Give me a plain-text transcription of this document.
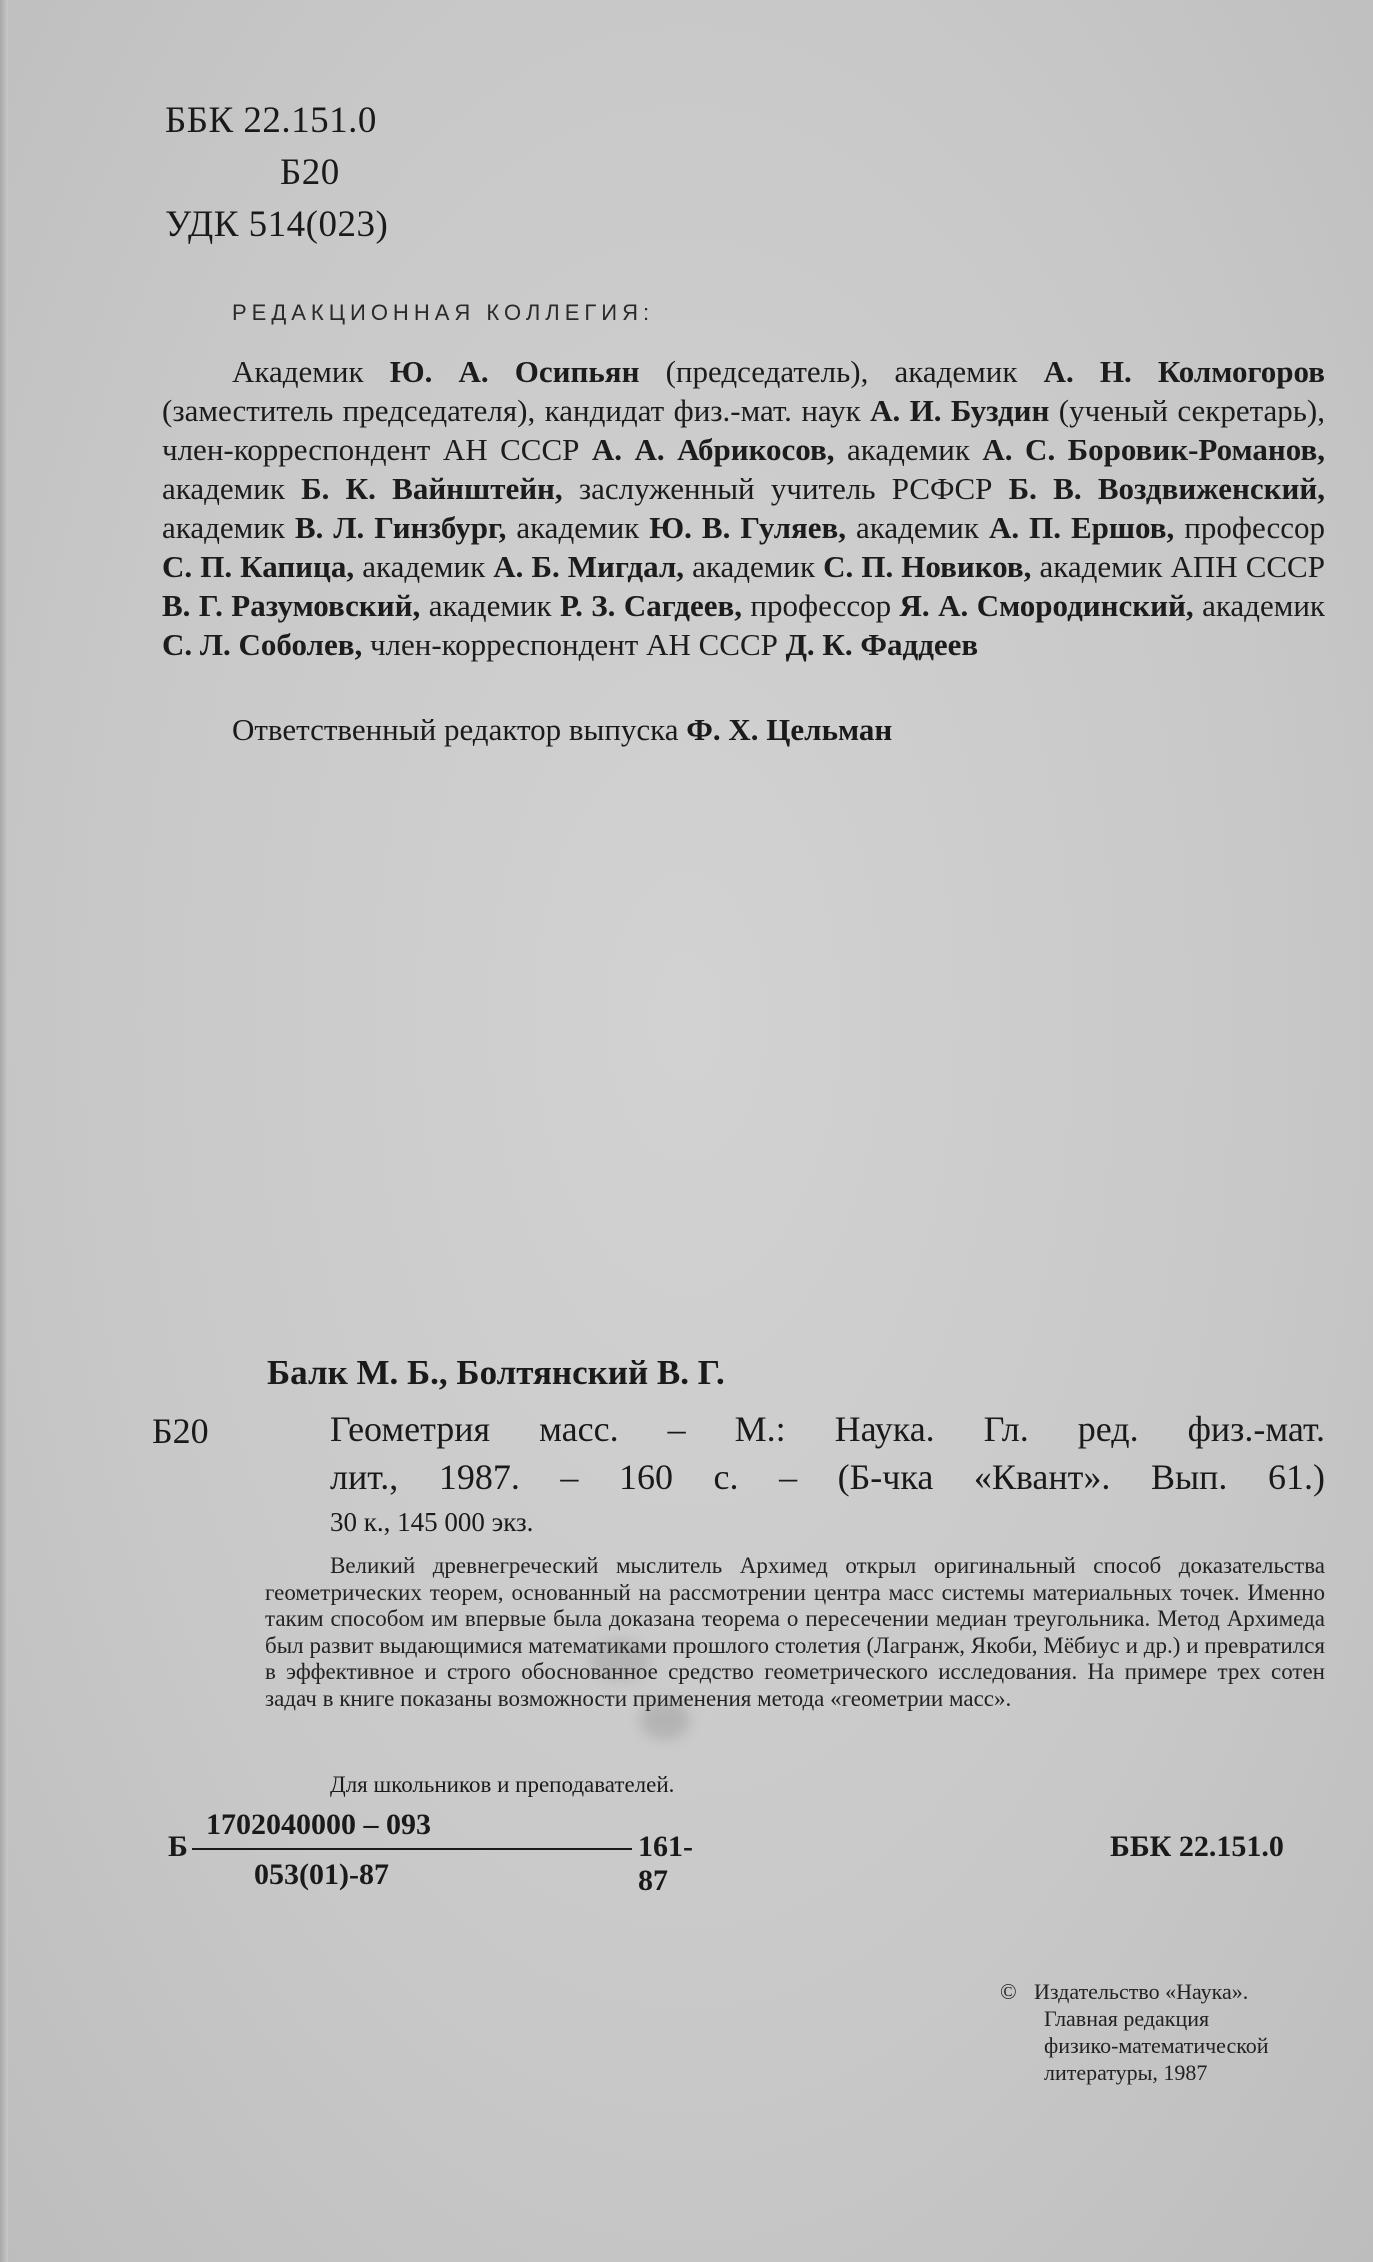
ББК 22.151.0
Б20
УДК 514(023)
РЕДАКЦИОННАЯ КОЛЛЕГИЯ:
Академик Ю. А. Осипьян (председатель), академик А. Н. Колмогоров (заместитель председателя), кандидат физ.-мат. наук А. И. Буздин (ученый секретарь), член-корреспондент АН СССР А. А. Абрикосов, академик А. С. Боровик-Романов, академик Б. К. Вайнштейн, заслуженный учитель РСФСР Б. В. Воздвиженский, академик В. Л. Гинзбург, академик Ю. В. Гуляев, академик А. П. Ершов, профессор С. П. Капица, академик А. Б. Мигдал, академик С. П. Новиков, академик АПН СССР В. Г. Разумовский, академик Р. З. Сагдеев, профессор Я. А. Смородинский, академик С. Л. Соболев, член-корреспондент АН СССР Д. К. Фаддеев
Ответственный редактор выпуска Ф. Х. Цельман
Балк М. Б., Болтянский В. Г.
Б20	Геометрия масс. – М.: Наука. Гл. ред. физ.-мат.
лит., 1987. – 160 с. – (Б-чка «Квант». Вып. 61.)
30 к., 145 000 экз.
Великий древнегреческий мыслитель Архимед открыл оригинальный способ доказательства геометрических теорем, основанный на рассмотрении центра масс системы материальных точек. Именно таким способом им впервые была доказана теорема о пересечении медиан треугольника. Метод Архимеда был развит выдающимися математиками прошлого столетия (Лагранж, Якоби, Мёбиус и др.) и превратился в эффективное и строго обоснованное средство геометрического исследования. На примере трех сотен задач в книге показаны возможности применения метода «геометрии масс».
Для школьников и преподавателей.
Б
1702040000 – 093
053(01)-87
161-87
ББК 22.151.0
© Издательство «Наука».
Главная редакция
физико-математической
литературы, 1987
